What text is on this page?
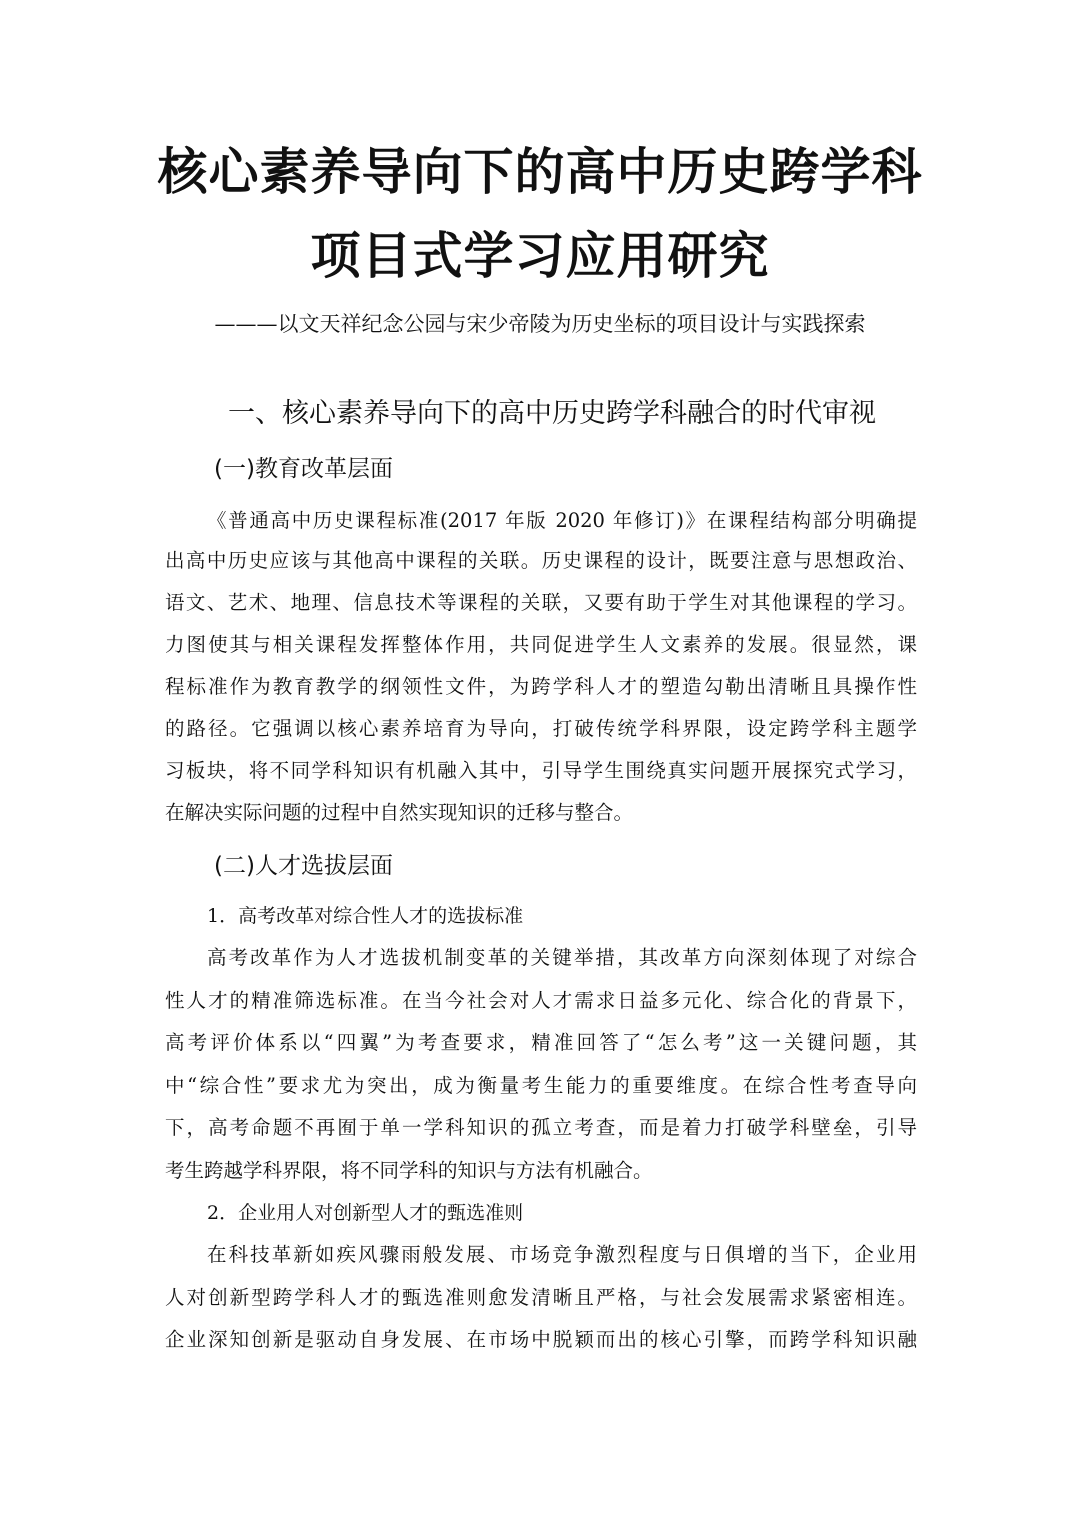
核心素养导向下的高中历史跨学科
项目式学习应用研究
———以文天祥纪念公园与宋少帝陵为历史坐标的项目设计与实践探索
一、核心素养导向下的高中历史跨学科融合的时代审视
(一)教育改革层面
《普通高中历史课程标准(2017 年版 2020 年修订)》在课程结构部分明确提
出高中历史应该与其他高中课程的关联。历史课程的设计，既要注意与思想政治、
语文、艺术、地理、信息技术等课程的关联，又要有助于学生对其他课程的学习。
力图使其与相关课程发挥整体作用，共同促进学生人文素养的发展。很显然，课
程标准作为教育教学的纲领性文件，为跨学科人才的塑造勾勒出清晰且具操作性
的路径。它强调以核心素养培育为导向，打破传统学科界限，设定跨学科主题学
习板块，将不同学科知识有机融入其中，引导学生围绕真实问题开展探究式学习，
在解决实际问题的过程中自然实现知识的迁移与整合。
(二)人才选拔层面
1．高考改革对综合性人才的选拔标准
高考改革作为人才选拔机制变革的关键举措，其改革方向深刻体现了对综合
性人才的精准筛选标准。在当今社会对人才需求日益多元化、综合化的背景下，
高考评价体系以“四翼”为考查要求，精准回答了“怎么考”这一关键问题，其
中“综合性”要求尤为突出，成为衡量考生能力的重要维度。在综合性考查导向
下，高考命题不再囿于单一学科知识的孤立考查，而是着力打破学科壁垒，引导
考生跨越学科界限，将不同学科的知识与方法有机融合。
2．企业用人对创新型人才的甄选准则
在科技革新如疾风骤雨般发展、市场竞争激烈程度与日俱增的当下，企业用
人对创新型跨学科人才的甄选准则愈发清晰且严格，与社会发展需求紧密相连。
企业深知创新是驱动自身发展、在市场中脱颖而出的核心引擎，而跨学科知识融
